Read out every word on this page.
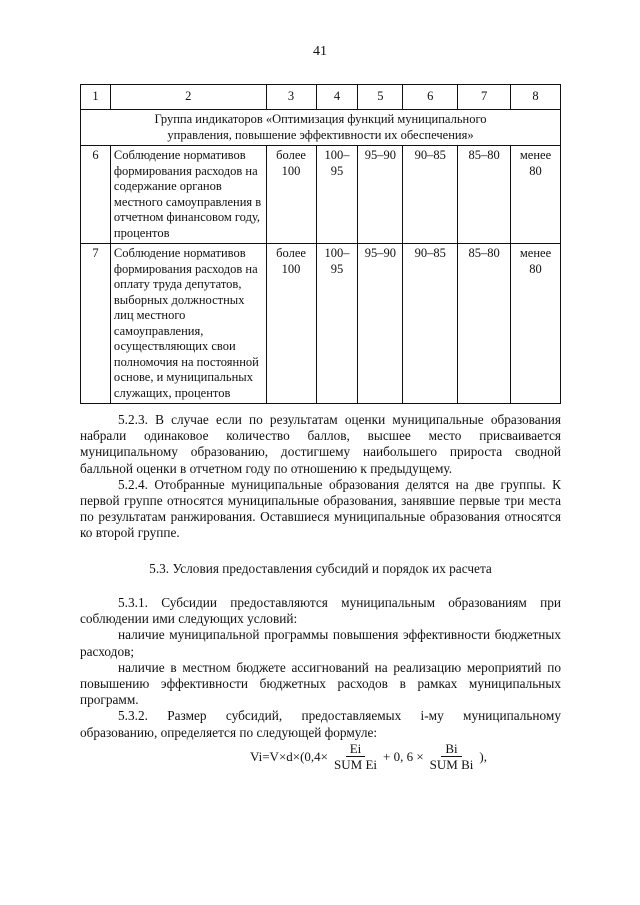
41
1	2	3	4	5	6	7	8
Группа индикаторов «Оптимизация функций муниципального
управления, повышение эффективности их обеспечения»							
6	Соблюдение нормативов формирования расходов на содержание органов местного самоуправления в отчетном финансовом году, процентов	более 100	100–95	95–90	90–85	85–80	менее 80
7	Соблюдение нормативов формирования расходов на оплату труда депутатов, выборных должностных лиц местного самоуправления, осуществляющих свои полномочия на постоянной основе, и муниципальных служащих, процентов	более 100	100–95	95–90	90–85	85–80	менее 80

5.2.3. В случае если по результатам оценки муниципальные образования набрали одинаковое количество баллов, высшее место присваивается муниципальному образованию, достигшему наибольшего прироста сводной балльной оценки в отчетном году по отношению к предыдущему.

5.2.4. Отобранные муниципальные образования делятся на две группы. К первой группе относятся муниципальные образования, занявшие первые три места по результатам ранжирования. Оставшиеся муниципальные образования относятся ко второй группе.

5.3. Условия предоставления субсидий и порядок их расчета

5.3.1. Субсидии предоставляются муниципальным образованиям при соблюдении ими следующих условий:

наличие муниципальной программы повышения эффективности бюджетных расходов;

наличие в местном бюджете ассигнований на реализацию мероприятий по повышению эффективности бюджетных расходов в рамках муниципальных программ.

5.3.2. Размер субсидий, предоставляемых i-му муниципальному образованию, определяется по следующей формуле:

$Vi=V\times d\times(0,4\times \frac{Ei}{\text{SUM Ei}} + 0$, $6 \times \frac{Bi}{\text{SUM Bi}}$ ),
